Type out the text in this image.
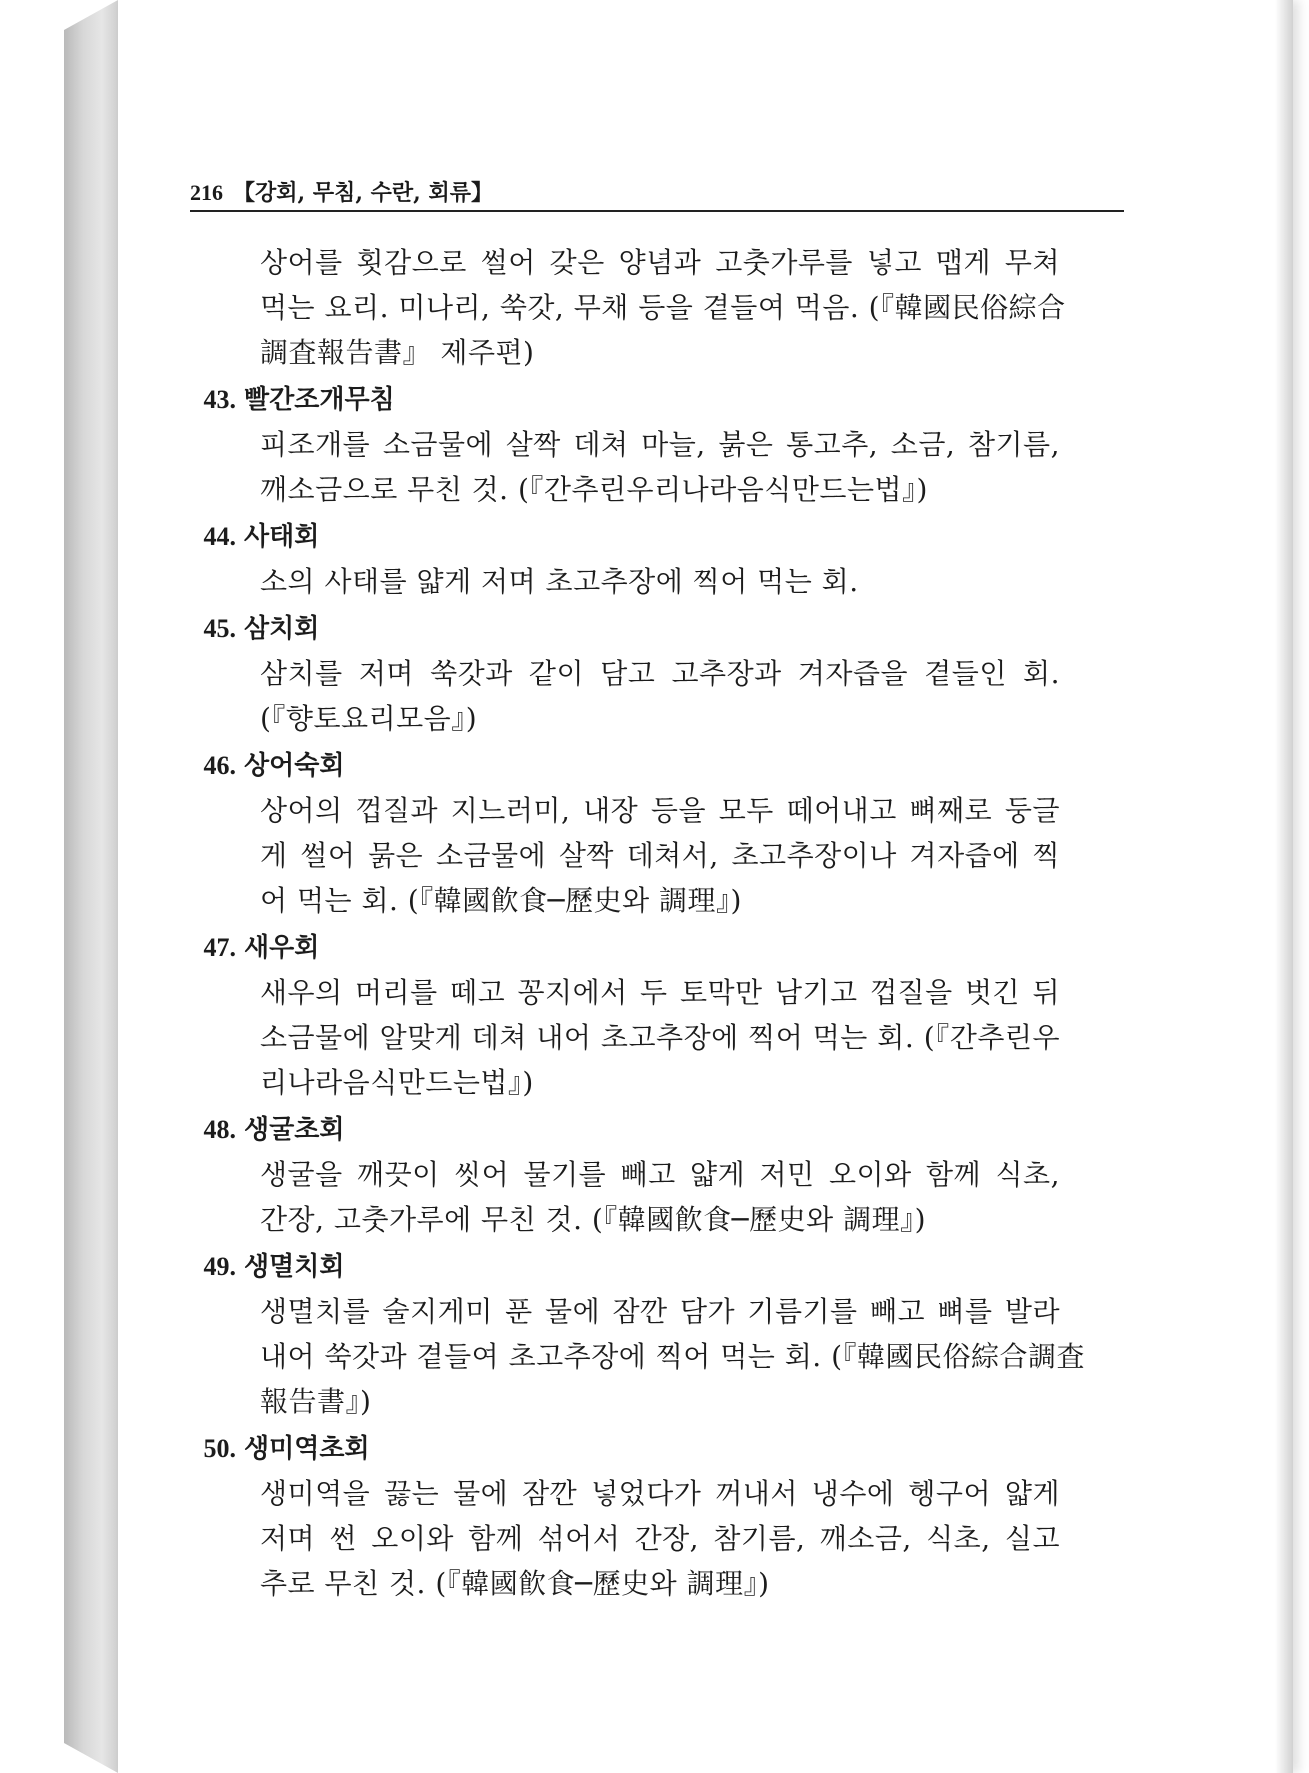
216 【강회, 무침, 수란, 회류】
상어를 횟감으로 썰어 갖은 양념과 고춧가루를 넣고 맵게 무쳐
먹는 요리. 미나리, 쑥갓, 무채 등을 곁들여 먹음. (『韓國民俗綜合
調査報告書』 제주편)
43. 빨간조개무침
피조개를 소금물에 살짝 데쳐 마늘, 붉은 통고추, 소금, 참기름,
깨소금으로 무친 것. (『간추린우리나라음식만드는법』)
44. 사태회
소의 사태를 얇게 저며 초고추장에 찍어 먹는 회.
45. 삼치회
삼치를 저며 쑥갓과 같이 담고 고추장과 겨자즙을 곁들인 회.
(『향토요리모음』)
46. 상어숙회
상어의 껍질과 지느러미, 내장 등을 모두 떼어내고 뼈째로 둥글
게 썰어 묽은 소금물에 살짝 데쳐서, 초고추장이나 겨자즙에 찍
어 먹는 회. (『韓國飮食─歷史와 調理』)
47. 새우회
새우의 머리를 떼고 꽁지에서 두 토막만 남기고 껍질을 벗긴 뒤
소금물에 알맞게 데쳐 내어 초고추장에 찍어 먹는 회. (『간추린우
리나라음식만드는법』)
48. 생굴초회
생굴을 깨끗이 씻어 물기를 빼고 얇게 저민 오이와 함께 식초,
간장, 고춧가루에 무친 것. (『韓國飮食─歷史와 調理』)
49. 생멸치회
생멸치를 술지게미 푼 물에 잠깐 담가 기름기를 빼고 뼈를 발라
내어 쑥갓과 곁들여 초고추장에 찍어 먹는 회. (『韓國民俗綜合調査
報告書』)
50. 생미역초회
생미역을 끓는 물에 잠깐 넣었다가 꺼내서 냉수에 헹구어 얇게
저며 썬 오이와 함께 섞어서 간장, 참기름, 깨소금, 식초, 실고
추로 무친 것. (『韓國飮食─歷史와 調理』)
